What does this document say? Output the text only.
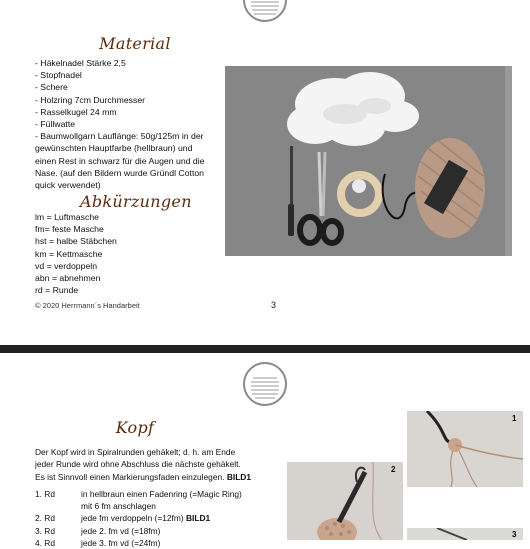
Material
- Häkelnadel Stärke 2,5
- Stopfnadel
- Schere
- Holzring 7cm Durchmesser
- Rasselkugel 24 mm
- Füllwatte
- Baumwollgarn Lauflänge: 50g/125m in der
gewünschten Hauptfarbe (hellbraun) und
einen Rest in schwarz für die Augen und die
Nase. (auf den Bildern wurde Gründl Cotton
quick verwendet)
Abkürzungen
lm = Luftmasche
fm= feste Masche
hst = halbe Stäbchen
km = Kettmasche
vd = verdoppeln
abn = abnehmen
rd = Runde
© 2020 Herrmann´s Handarbeit	3
Kopf
Der Kopf wird in Spiralrunden gehäkelt; d. h. am Ende
jeder Runde wird ohne Abschluss die nächste gehäkelt.
Es ist Sinnvoll einen Markierungsfaden einzulegen. BILD1
1. Rd	in hellbraun einen Fadenring (=Magic Ring)
mit 6 fm anschlagen
2. Rd	jede fm verdoppeln (=12fm) BILD1
3. Rd	jede 2. fm vd (=18fm)
4. Rd	jede 3. fm vd (=24fm)
1
2
3
